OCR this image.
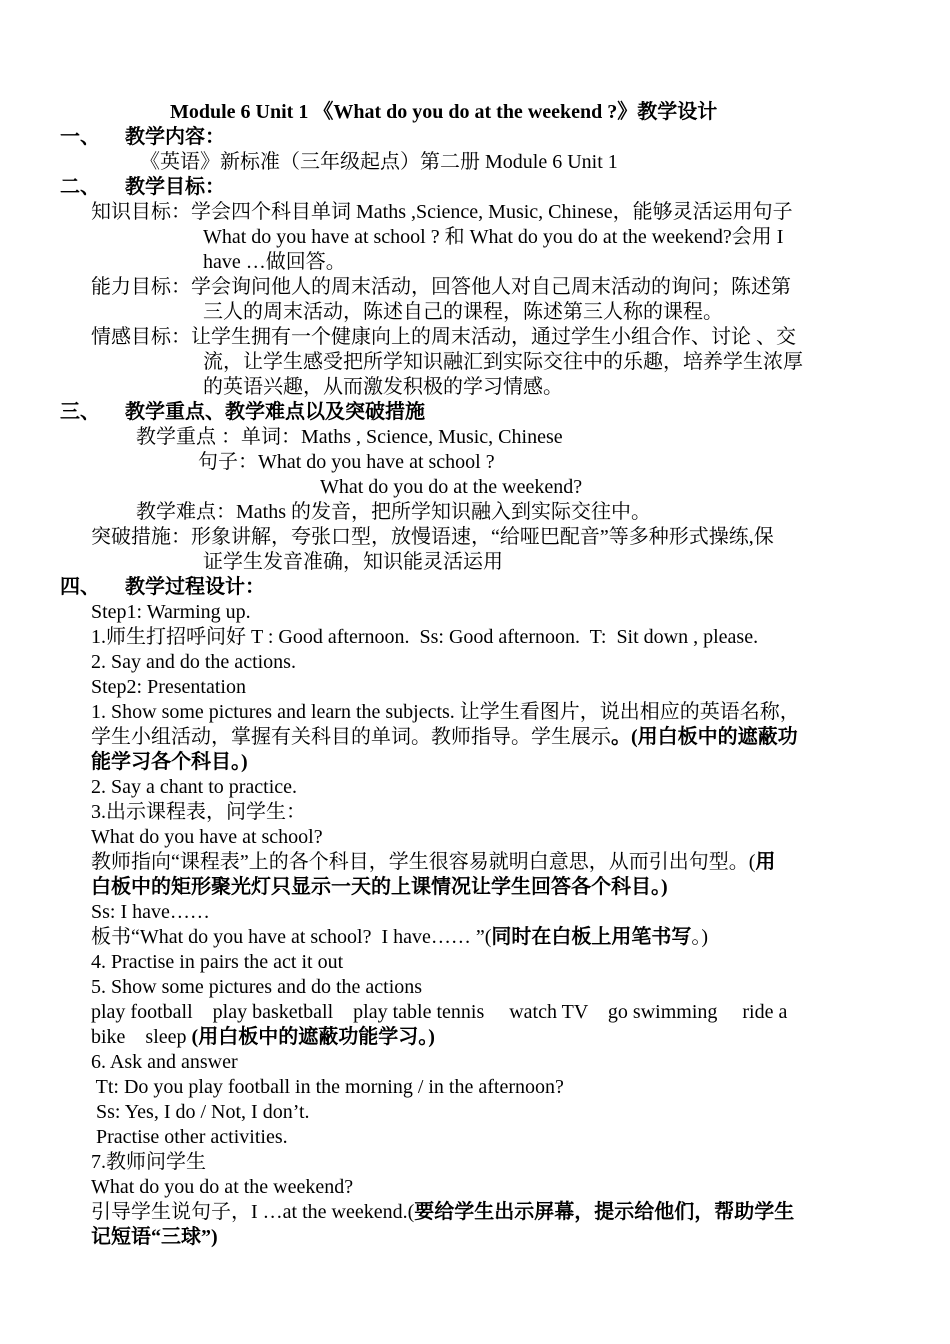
Module 6 Unit 1 《What do you do at the weekend ?》教学设计
一、 教学内容：
《英语》新标准（三年级起点）第二册 Module 6 Unit 1
二、 教学目标：
知识目标：学会四个科目单词 Maths ,Science, Music, Chinese，能够灵活运用句子
What do you have at school ? 和 What do you do at the weekend?会用 I
have …做回答。
能力目标：学会询问他人的周末活动，回答他人对自己周末活动的询问；陈述第
三人的周末活动，陈述自己的课程，陈述第三人称的课程。
情感目标：让学生拥有一个健康向上的周末活动，通过学生小组合作、讨论 、交
流，让学生感受把所学知识融汇到实际交往中的乐趣，培养学生浓厚
的英语兴趣，从而激发积极的学习情感。
三、 教学重点、教学难点以及突破措施
教学重点 ：单词：Maths , Science, Music, Chinese
句子：What do you have at school ?
What do you do at the weekend?
教学难点：Maths 的发音，把所学知识融入到实际交往中。
突破措施：形象讲解，夸张口型，放慢语速，“给哑巴配音”等多种形式操练,保
证学生发音准确，知识能灵活运用
四、 教学过程设计：
Step1: Warming up.
1.师生打招呼问好 T : Good afternoon.  Ss: Good afternoon.  T:  Sit down , please.
2. Say and do the actions.
Step2: Presentation
1. Show some pictures and learn the subjects. 让学生看图片，说出相应的英语名称，
学生小组活动，掌握有关科目的单词。教师指导。学生展示。(用白板中的遮蔽功
能学习各个科目。)
2. Say a chant to practice.
3.出示课程表，问学生：
What do you have at school?
教师指向“课程表”上的各个科目，学生很容易就明白意思，从而引出句型。(用
白板中的矩形聚光灯只显示一天的上课情况让学生回答各个科目。)
Ss: I have……
板书“What do you have at school?  I have…… ”(同时在白板上用笔书写。)
4. Practise in pairs the act it out
5. Show some pictures and do the actions
play football    play basketball    play table tennis     watch TV    go swimming     ride a
bike    sleep (用白板中的遮蔽功能学习。)
6. Ask and answer
Tt: Do you play football in the morning / in the afternoon?
Ss: Yes, I do / Not, I don’t.
Practise other activities.
7.教师问学生
What do you do at the weekend?
引导学生说句子，I …at the weekend.(要给学生出示屏幕，提示给他们，帮助学生
记短语“三球”)
